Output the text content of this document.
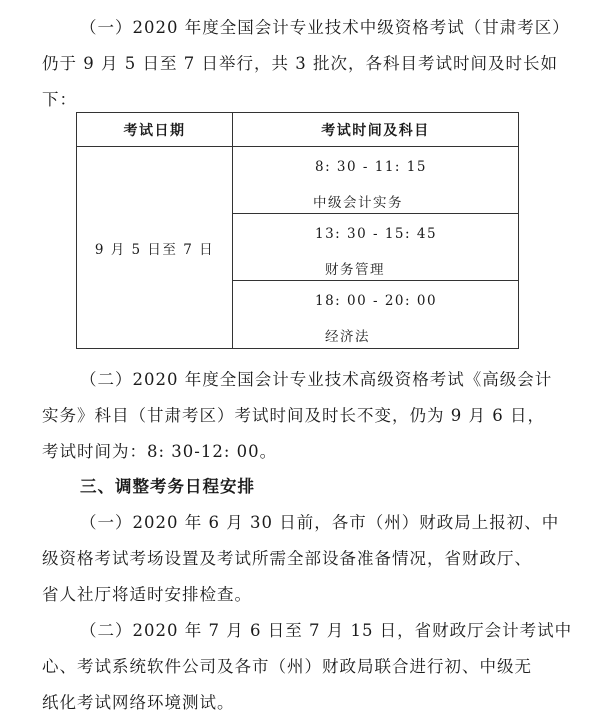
（一）2020 年度全国会计专业技术中级资格考试（甘肃考区）
仍于 9 月 5 日至 7 日举行，共 3 批次，各科目考试时间及时长如
下：
考试日期	考试时间及科目
9 月 5 日至 7 日	8: 30 - 11: 15
中级会计实务

	13: 30 - 15: 45
财务管理

	18: 00 - 20: 00
经济法
（二）2020 年度全国会计专业技术高级资格考试《高级会计
实务》科目（甘肃考区）考试时间及时长不变，仍为 9 月 6 日，
考试时间为：8: 30-12: 00。
三、调整考务日程安排
（一）2020 年 6 月 30 日前，各市（州）财政局上报初、中
级资格考试考场设置及考试所需全部设备准备情况，省财政厅、
省人社厅将适时安排检查。
（二）2020 年 7 月 6 日至 7 月 15 日，省财政厅会计考试中
心、考试系统软件公司及各市（州）财政局联合进行初、中级无
纸化考试网络环境测试。
